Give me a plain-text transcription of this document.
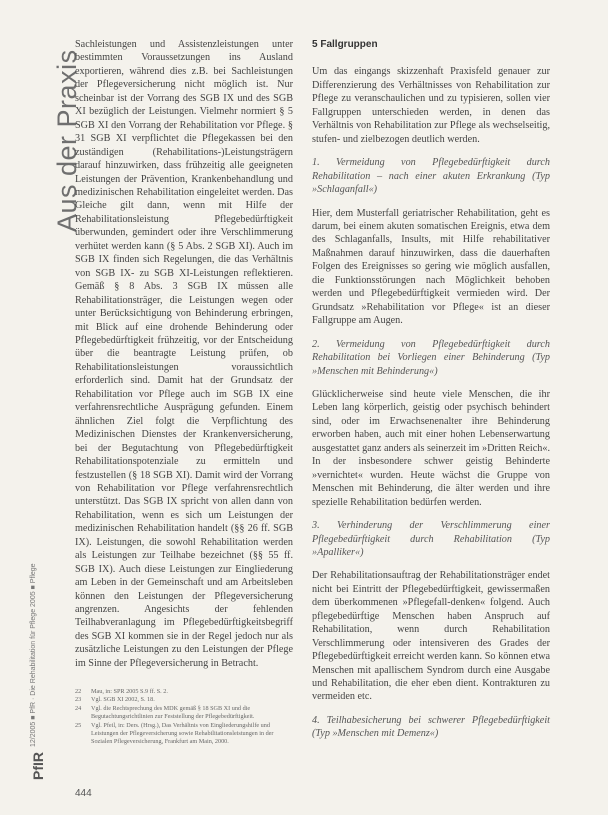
Aus der Praxis
PfIR
12/2005 ■ PfR · Die Rehabilitation für Pflege 2005 ■ Pflege

Sachleistungen und Assistenzleistungen unter bestimmten Voraussetzungen ins Ausland exportieren, während dies z.B. bei Sachleistungen der Pflegeversicherung nicht möglich ist. Nur scheinbar ist der Vorrang des SGB IX und des SGB XI bezüglich der Leistungen. Vielmehr normiert § 5 SGB XI den Vorrang der Rehabilitation vor Pflege. § 31 SGB XI verpflichtet die Pflegekassen bei den zuständigen (Rehabilitations-)Leistungsträgern darauf hinzuwirken, dass frühzeitig alle geeigneten Leistungen der Prävention, Krankenbehandlung und medizinischen Rehabilitation eingeleitet werden. Das Gleiche gilt dann, wenn mit Hilfe der Rehabilitationsleistung Pflegebedürftigkeit überwunden, gemindert oder ihre Verschlimmerung verhütet werden kann (§ 5 Abs. 2 SGB XI). Auch im SGB IX finden sich Regelungen, die das Verhältnis von SGB IX- zu SGB XI-Leistungen reflektieren. Gemäß § 8 Abs. 3 SGB IX müssen alle Rehabilitationsträger, die Leistungen wegen oder unter Berücksichtigung von Behinderung erbringen, mit Blick auf eine drohende Behinderung oder Pflegebedürftigkeit frühzeitig, vor der Entscheidung über die beantragte Leistung prüfen, ob Rehabilitationsleistungen voraussichtlich erforderlich sind. Damit hat der Grundsatz der Rehabilitation vor Pflege auch im SGB IX eine verfahrensrechtliche Ausprägung gefunden. Einem ähnlichen Ziel folgt die Verpflichtung des Medizinischen Dienstes der Krankenversicherung, bei der Begutachtung von Pflegebedürftigkeit Rehabilitationspotenziale zu ermitteln und festzustellen (§ 18 SGB XI). Damit wird der Vorrang von Rehabilitation vor Pflege verfahrensrechtlich unterstützt. Das SGB IX spricht von allen dann von Rehabilitation, wenn es sich um Leistungen der medizinischen Rehabilitation handelt (§§ 26 ff. SGB IX). Leistungen, die sowohl Rehabilitation werden als Leistungen zur Teilhabe bezeichnet (§§ 55 ff. SGB IX). Auch diese Leistungen zur Eingliederung am Leben in der Gemeinschaft und am Arbeitsleben können den Leistungen der Pflegeversicherung angrenzen. Angesichts der fehlenden Teilhabveranlagung im Pflegebedürftigkeitsbegriff des SGB XI kommen sie in der Regel jedoch nur als zusätzliche Leistungen zu den Leistungen der Pflege im Sinne der Pflegeversicherung in Betracht.

5 Fallgruppen

Um das eingangs skizzenhaft Praxisfeld genauer zur Differenzierung des Verhältnisses von Rehabilitation zur Pflege zu veranschaulichen und zu typisieren, sollen vier Fallgruppen unterschieden werden, in denen das Verhältnis von Rehabilitation zur Pflege als wechselseitig, stufen- und zielbezogen deutlich werden.

1. Vermeidung von Pflegebedürftigkeit durch Rehabilitation – nach einer akuten Erkrankung (Typ »Schlaganfall«)

Hier, dem Musterfall geriatrischer Rehabilitation, geht es darum, bei einem akuten somatischen Ereignis, etwa dem des Schlaganfalls, Insults, mit Hilfe rehabilitativer Maßnahmen darauf hinzuwirken, dass die dauerhaften Folgen des Ereignisses so gering wie möglich ausfallen, die Funktionsstörungen nach Möglichkeit behoben werden und Pflegebedürftigkeit vermieden wird. Der Grundsatz »Rehabilitation vor Pflege« ist an dieser Fallgruppe am Augen.

2. Vermeidung von Pflegebedürftigkeit durch Rehabilitation bei Vorliegen einer Behinderung (Typ »Menschen mit Behinderung«)

Glücklicherweise sind heute viele Menschen, die ihr Leben lang körperlich, geistig oder psychisch behindert sind, oder im Erwachsenenalter ihre Behinderung erworben haben, auch mit einer hohen Lebenserwartung ausgestattet ganz anders als seinerzeit im »Dritten Reich«. In der insbesondere schwer geistig Behinderte »vernichtet« wurden. Heute wächst die Gruppe von Menschen mit Behinderung, die älter werden und ihre spezielle Rehabilitation bedürfen werden.

3. Verhinderung der Verschlimmerung einer Pflegebedürftigkeit durch Rehabilitation (Typ »Apalliker«)

Der Rehabilitationsauftrag der Rehabilitationsträger endet nicht bei Eintritt der Pflegebedürftigkeit, gewissermaßen dem überkommenen »Pflegefall-denken« folgend. Auch pflegebedürftige Menschen haben Anspruch auf Rehabilitation, wenn durch Rehabilitation Verschlimmerung oder intensiveren des Grades der Pflegebedürftigkeit erreicht werden kann. So können etwa Menschen mit apallischem Syndrom durch eine Ausgabe und Rehabilitation, die eher eben dient. Kontrakturen zu vermeiden etc.

4. Teilhabesicherung bei schwerer Pflegebedürftigkeit (Typ »Menschen mit Demenz«)

22	Mau, in: SPR 2005 S.9 ff. S. 2.
23	Vgl. SGB XI 2002, S. 18.
24	Vgl. die Rechtsprechung des MDK gemäß § 18 SGB XI und die Begutachtungsrichtlinien zur Feststellung der Pflegebedürftigkeit.
25	Vgl. Pfeil, in: Ders. (Hrsg.), Das Verhältnis von Eingliederungshilfe und Leistungen der Pflegeversicherung sowie Rehabilitationsleistungen in der Sozialen Pflegeversicherung, Frankfurt am Main, 2000.
444
